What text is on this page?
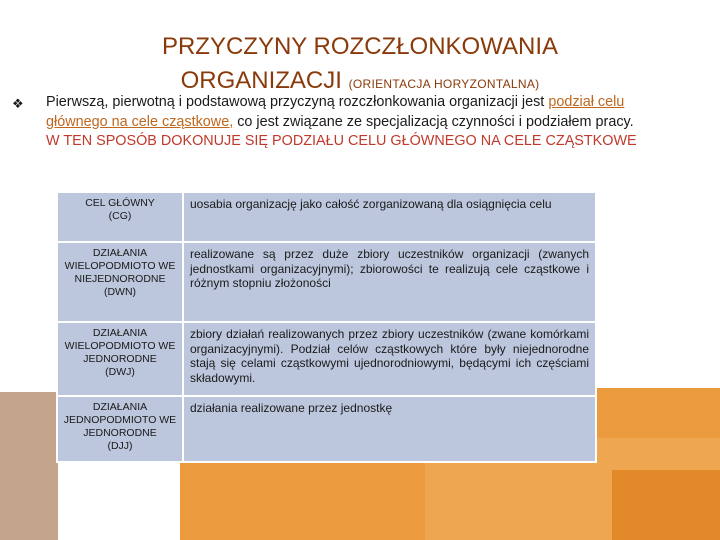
PRZYCZYNY ROZCZŁONKOWANIA
ORGANIZACJI (ORIENTACJA HORYZONTALNA)
❖ Pierwszą, pierwotną i podstawową przyczyną rozczłonkowania organizacji jest podział celu głównego na cele cząstkowe, co jest związane ze specjalizacją czynności i podziałem pracy.
W TEN SPOSÓB DOKONUJE SIĘ PODZIAŁU CELU GŁÓWNEGO NA CELE CZĄSTKOWE
CEL GŁÓWNY
(CG)	uosabia organizację jako całość zorganizowaną dla osiągnięcia celu

DZIAŁANIA WIELOPODMIOTO WE NIEJEDNORODNE
(DWN)	realizowane są przez duże zbiory uczestników organizacji (zwanych jednostkami organizacyjnymi); zbiorowości te realizują cele cząstkowe i różnym stopniu złożoności

DZIAŁANIA WIELOPODMIOTO WE JEDNORODNE
(DWJ)	zbiory działań realizowanych przez zbiory uczestników (zwane komórkami organizacyjnymi). Podział celów cząstkowych które były niejednorodne stają się celami cząstkowymi ujednorodniowymi, będącymi ich częściami składowymi.

DZIAŁANIA JEDNOPODMIOTO WE JEDNORODNE
(DJJ)	działania realizowane przez jednostkę
